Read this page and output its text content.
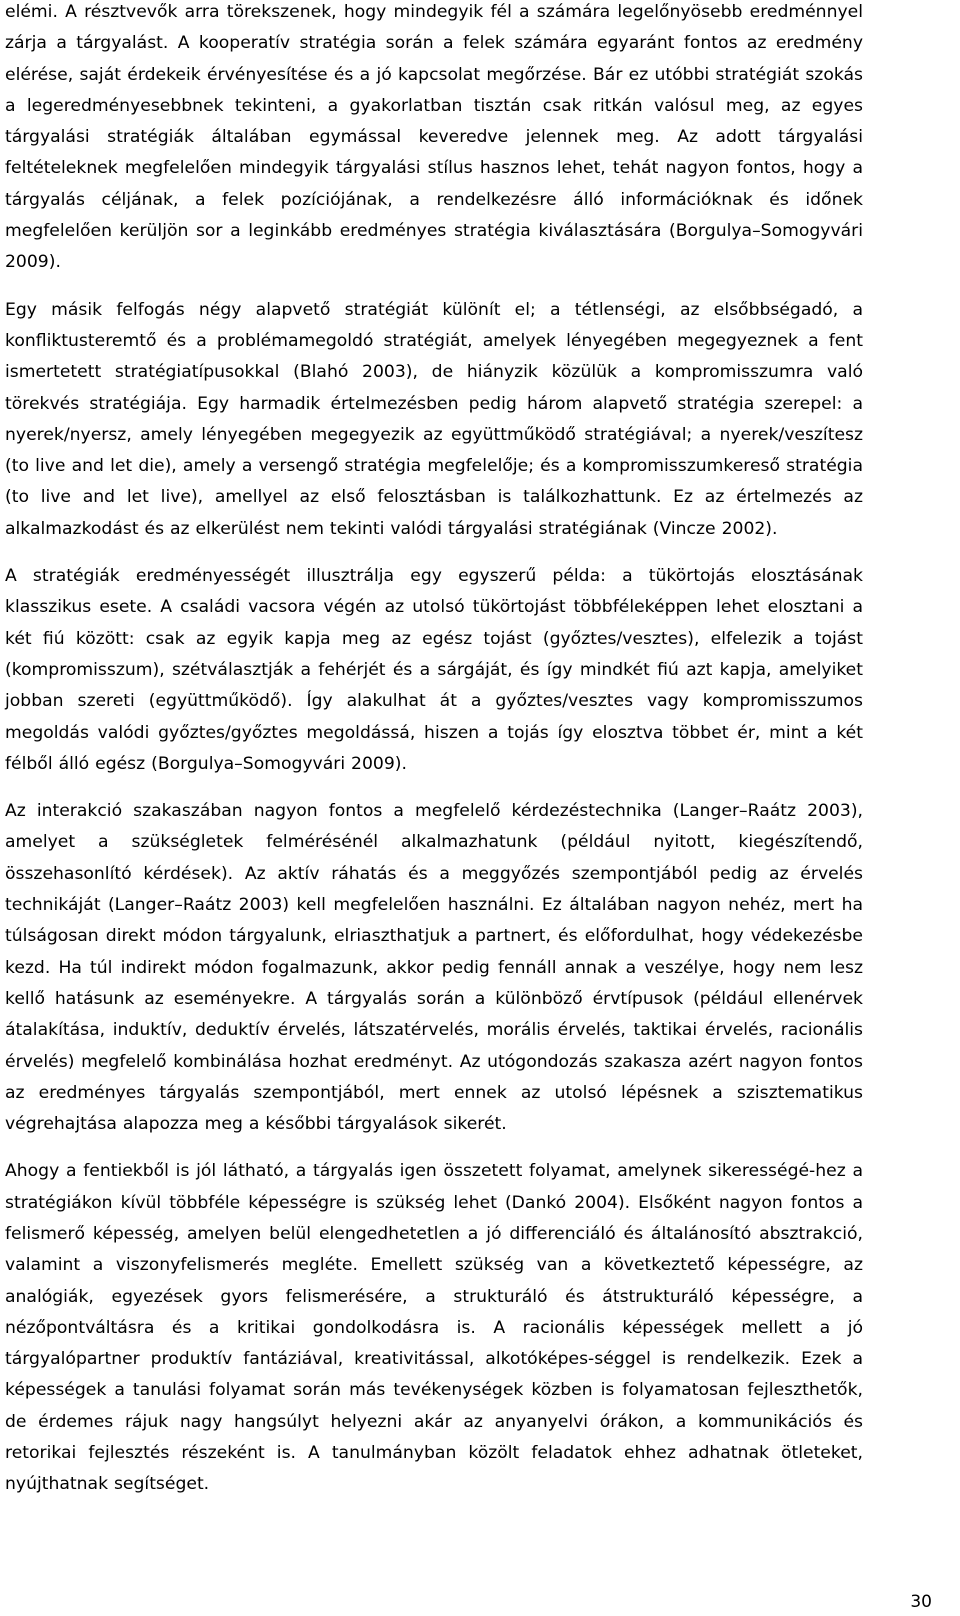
elémi. A résztvevők arra törekszenek, hogy mindegyik fél a számára legelőnyösebb eredménnyel zárja a tárgyalást. A kooperatív stratégia során a felek számára egyaránt fontos az eredmény elérése, saját érdekeik érvényesítése és a jó kapcsolat megőrzése. Bár ez utóbbi stratégiát szokás a legeredményesebbnek tekinteni, a gyakorlatban tisztán csak ritkán valósul meg, az egyes tárgyalási stratégiák általában egymással keveredve jelennek meg. Az adott tárgyalási feltételeknek megfelelően mindegyik tárgyalási stílus hasznos lehet, tehát nagyon fontos, hogy a tárgyalás céljának, a felek pozíciójának, a rendelkezésre álló információknak és időnek megfelelően kerüljön sor a leginkább eredményes stratégia kiválasztására (Borgulya–Somogyvári 2009).

Egy másik felfogás négy alapvető stratégiát különít el; a tétlenségi, az elsőbbségadó, a konfliktusteremtő és a problémamegoldó stratégiát, amelyek lényegében megegyeznek a fent ismertetett stratégiatípusokkal (Blahó 2003), de hiányzik közülük a kompromisszumra való törekvés stratégiája. Egy harmadik értelmezésben pedig három alapvető stratégia szerepel: a nyerek/nyersz, amely lényegében megegyezik az együttműködő stratégiával; a nyerek/veszítesz (to live and let die), amely a versengő stratégia megfelelője; és a kompromisszumkereső stratégia (to live and let live), amellyel az első felosztásban is találkozhattunk. Ez az értelmezés az alkalmazkodást és az elkerülést nem tekinti valódi tárgyalási stratégiának (Vincze 2002).

A stratégiák eredményességét illusztrálja egy egyszerű példa: a tükörtojás elosztásának klasszikus esete. A családi vacsora végén az utolsó tükörtojást többféleképpen lehet elosztani a két fiú között: csak az egyik kapja meg az egész tojást (győztes/vesztes), elfelezik a tojást (kompromisszum), szétválasztják a fehérjét és a sárgáját, és így mindkét fiú azt kapja, amelyiket jobban szereti (együttműködő). Így alakulhat át a győztes/vesztes vagy kompromisszumos megoldás valódi győztes/győztes megoldássá, hiszen a tojás így elosztva többet ér, mint a két félből álló egész (Borgulya–Somogyvári 2009).

Az interakció szakaszában nagyon fontos a megfelelő kérdezéstechnika (Langer–Raátz 2003), amelyet a szükségletek felmérésénél alkalmazhatunk (például nyitott, kiegészítendő, összehasonlító kérdések). Az aktív ráhatás és a meggyőzés szempontjából pedig az érvelés technikáját (Langer–Raátz 2003) kell megfelelően használni. Ez általában nagyon nehéz, mert ha túlságosan direkt módon tárgyalunk, elriaszthatjuk a partnert, és előfordulhat, hogy védekezésbe kezd. Ha túl indirekt módon fogalmazunk, akkor pedig fennáll annak a veszélye, hogy nem lesz kellő hatásunk az eseményekre. A tárgyalás során a különböző érvtípusok (például ellenérvek átalakítása, induktív, deduktív érvelés, látszatérvelés, morális érvelés, taktikai érvelés, racionális érvelés) megfelelő kombinálása hozhat eredményt. Az utógondozás szakasza azért nagyon fontos az eredményes tárgyalás szempontjából, mert ennek az utolsó lépésnek a szisztematikus végrehajtása alapozza meg a későbbi tárgyalások sikerét.

Ahogy a fentiekből is jól látható, a tárgyalás igen összetett folyamat, amelynek sikerességé-hez a stratégiákon kívül többféle képességre is szükség lehet (Dankó 2004). Elsőként nagyon fontos a felismerő képesség, amelyen belül elengedhetetlen a jó differenciáló és általánosító absztrakció, valamint a viszonyfelismerés megléte. Emellett szükség van a következtető képességre, az analógiák, egyezések gyors felismerésére, a strukturáló és átstrukturáló képességre, a nézőpontváltásra és a kritikai gondolkodásra is. A racionális képességek mellett a jó tárgyalópartner produktív fantáziával, kreativitással, alkotóképes-séggel is rendelkezik. Ezek a képességek a tanulási folyamat során más tevékenységek közben is folyamatosan fejleszthetők, de érdemes rájuk nagy hangsúlyt helyezni akár az anyanyelvi órákon, a kommunikációs és retorikai fejlesztés részeként is. A tanulmányban közölt feladatok ehhez adhatnak ötleteket, nyújthatnak segítséget.

30
